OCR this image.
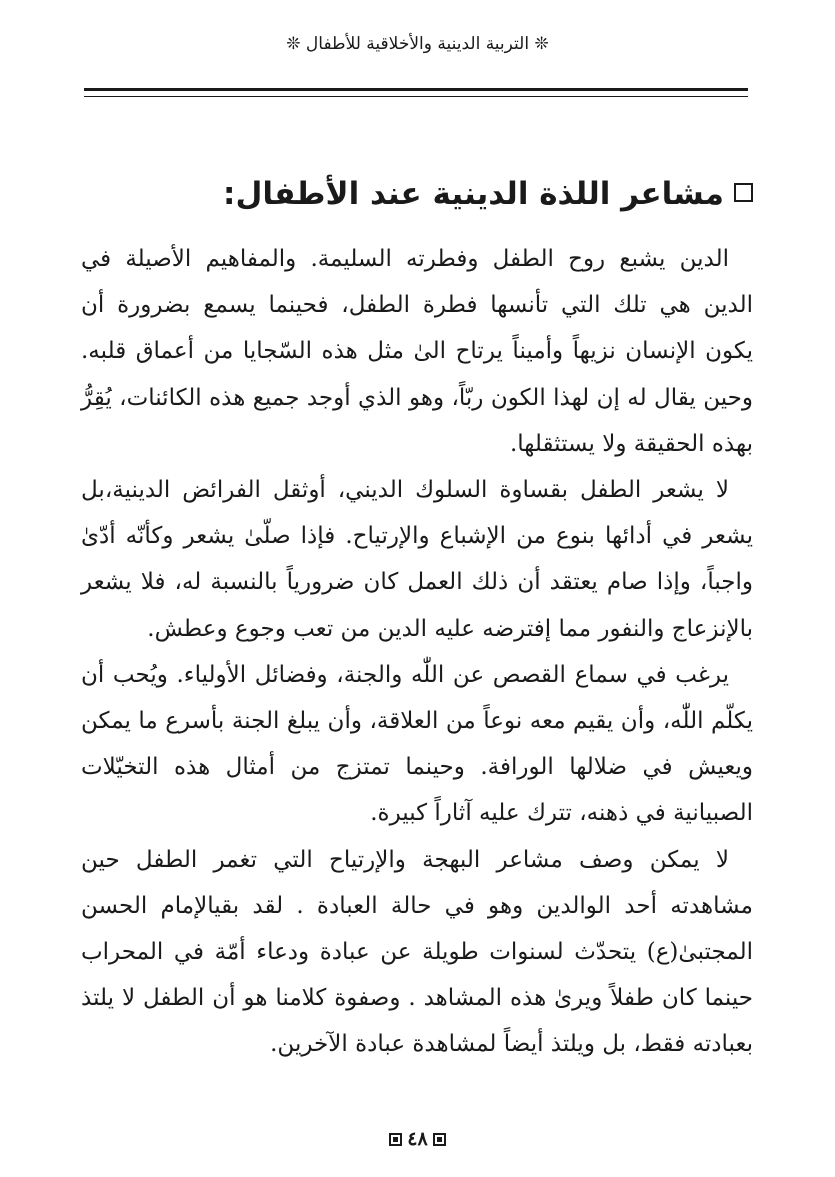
❊ التربية الدينية والأخلاقية للأطفال ❊
مشاعر اللذة الدينية عند الأطفال:

الدين يشبع روح الطفل وفطرته السليمة. والمفاهيم الأصيلة في الدين هي تلك التي تأنسها فطرة الطفل، فحينما يسمع بضرورة أن يكون الإنسان نزيهاً وأميناً يرتاح الىٰ مثل هذه السّجايا من أعماق قلبه. وحين يقال له إن لهذا الكون ربّاً، وهو الذي أوجد جميع هذه الكائنات، يُقِرُّ بهذه الحقيقة ولا يستثقلها.

لا يشعر الطفل بقساوة السلوك الديني، أوثقل الفرائض الدينية،بل يشعر في أدائها بنوع من الإشباع والإرتياح. فإذا صلّىٰ يشعر وكأنّه أدّىٰ واجباً، وإذا صام يعتقد أن ذلك العمل كان ضرورياً بالنسبة له، فلا يشعر بالإنزعاج والنفور مما إفترضه عليه الدين من تعب وجوع وعطش.

يرغب في سماع القصص عن اللّٰه والجنة، وفضائل الأولياء. ويُحب أن يكلّم اللّٰه، وأن يقيم معه نوعاً من العلاقة، وأن يبلغ الجنة بأسرع ما يمكن ويعيش في ضلالها الورافة. وحينما تمتزج من أمثال هذه التخيّلات الصبيانية في ذهنه، تترك عليه آثاراً كبيرة.

لا يمكن وصف مشاعر البهجة والإرتياح التي تغمر الطفل حين مشاهدته أحد الوالدين وهو في حالة العبادة . لقد بقيالإمام الحسن المجتبىٰ(ع) يتحدّث لسنوات طويلة عن عبادة ودعاء أمّة في المحراب حينما كان طفلاً ويرىٰ هذه المشاهد . وصفوة كلامنا هو أن الطفل لا يلتذ بعبادته فقط، بل ويلتذ أيضاً لمشاهدة عبادة الآخرين.

٤٨
